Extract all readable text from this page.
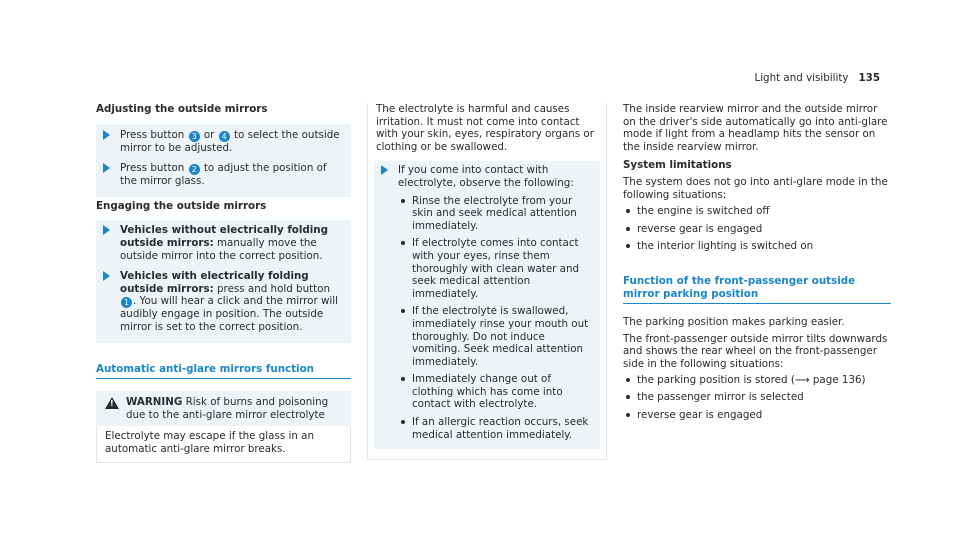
Light and visibility 135
Adjusting the outside mirrors
Press button 3 or 4 to select the outside mirror to be adjusted.
Press button 2 to adjust the position of the mirror glass.
Engaging the outside mirrors
Vehicles without electrically folding outside mirrors: manually move the outside mirror into the correct position.
Vehicles with electrically folding outside mirrors: press and hold button 1 . You will hear a click and the mirror will audibly engage in position. The outside mirror is set to the correct position.
Automatic anti-glare mirrors function
! WARNING Risk of burns and poisoning due to the anti-glare mirror electrolyte
Electrolyte may escape if the glass in an automatic anti-glare mirror breaks.
The electrolyte is harmful and causes irritation. It must not come into contact with your skin, eyes, respiratory organs or clothing or be swallowed.
If you come into contact with electrolyte, observe the following:
Rinse the electrolyte from your skin and seek medical attention immediately.
If electrolyte comes into contact with your eyes, rinse them thoroughly with clean water and seek medical attention immediately.
If the electrolyte is swallowed, immediately rinse your mouth out thoroughly. Do not induce vomiting. Seek medical attention immediately.
Immediately change out of clothing which has come into contact with electrolyte.
If an allergic reaction occurs, seek medical attention immediately.
The inside rearview mirror and the outside mirror on the driver's side automatically go into anti-glare mode if light from a headlamp hits the sensor on the inside rearview mirror.
System limitations
The system does not go into anti-glare mode in the following situations:
the engine is switched off
reverse gear is engaged
the interior lighting is switched on
Function of the front-passenger outside mirror parking position
The parking position makes parking easier.
The front-passenger outside mirror tilts downwards and shows the rear wheel on the front-passenger side in the following situations:
the parking position is stored (⟶ page 136)
the passenger mirror is selected
reverse gear is engaged
